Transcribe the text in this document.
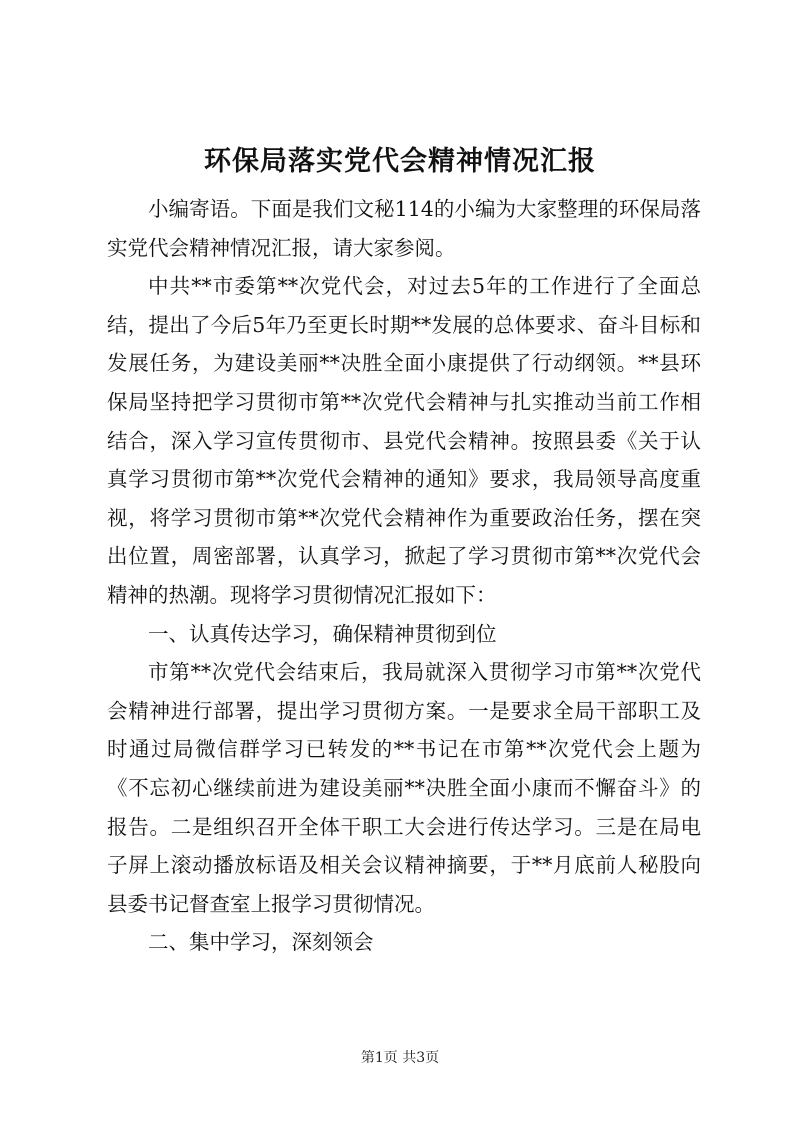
环保局落实党代会精神情况汇报

小编寄语。下面是我们文秘114的小编为大家整理的环保局落实党代会精神情况汇报，请大家参阅。

中共**市委第**次党代会，对过去5年的工作进行了全面总结，提出了今后5年乃至更长时期**发展的总体要求、奋斗目标和发展任务，为建设美丽**决胜全面小康提供了行动纲领。**县环保局坚持把学习贯彻市第**次党代会精神与扎实推动当前工作相结合，深入学习宣传贯彻市、县党代会精神。按照县委《关于认真学习贯彻市第**次党代会精神的通知》要求，我局领导高度重视，将学习贯彻市第**次党代会精神作为重要政治任务，摆在突出位置，周密部署，认真学习，掀起了学习贯彻市第**次党代会精神的热潮。现将学习贯彻情况汇报如下：

一、认真传达学习，确保精神贯彻到位

市第**次党代会结束后，我局就深入贯彻学习市第**次党代会精神进行部署，提出学习贯彻方案。一是要求全局干部职工及时通过局微信群学习已转发的**书记在市第**次党代会上题为《不忘初心继续前进为建设美丽**决胜全面小康而不懈奋斗》的报告。二是组织召开全体干职工大会进行传达学习。三是在局电子屏上滚动播放标语及相关会议精神摘要，于**月底前人秘股向县委书记督查室上报学习贯彻情况。

二、集中学习，深刻领会

第1页 共3页
